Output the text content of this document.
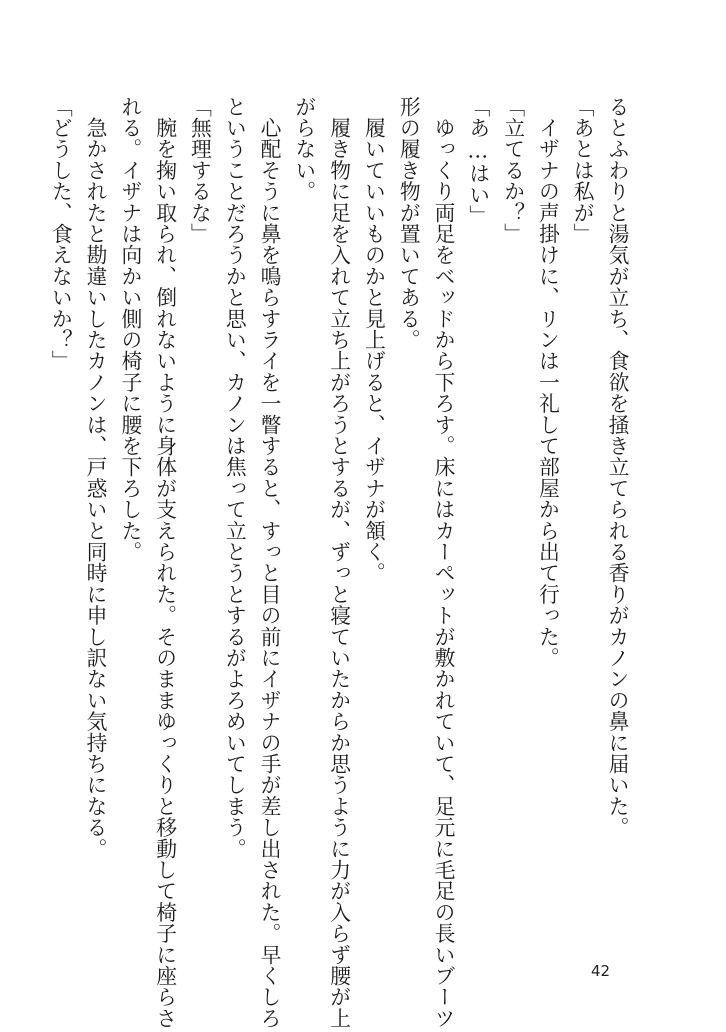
るとふわりと湯気が立ち、食欲を掻き立てられる香りがカノンの鼻に届いた。
「あとは私が」
　イザナの声掛けに、リンは一礼して部屋から出て行った。
「立てるか？」
「あ…はい」
　ゆっくり両足をベッドから下ろす。床にはカーペットが敷かれていて、足元に毛足の長いブーツ
形の履き物が置いてある。
　履いていいものかと見上げると、イザナが頷く。
　履き物に足を入れて立ち上がろうとするが、ずっと寝ていたからか思うように力が入らず腰が上
がらない。
　心配そうに鼻を鳴らすライを一瞥すると、すっと目の前にイザナの手が差し出された。早くしろ
ということだろうかと思い、カノンは焦って立とうとするがよろめいてしまう。
「無理するな」
　腕を掬い取られ、倒れないように身体が支えられた。そのままゆっくりと移動して椅子に座らさ
れる。イザナは向かい側の椅子に腰を下ろした。
　急かされたと勘違いしたカノンは、戸惑いと同時に申し訳ない気持ちになる。
「どうした、食えないか？」
42
